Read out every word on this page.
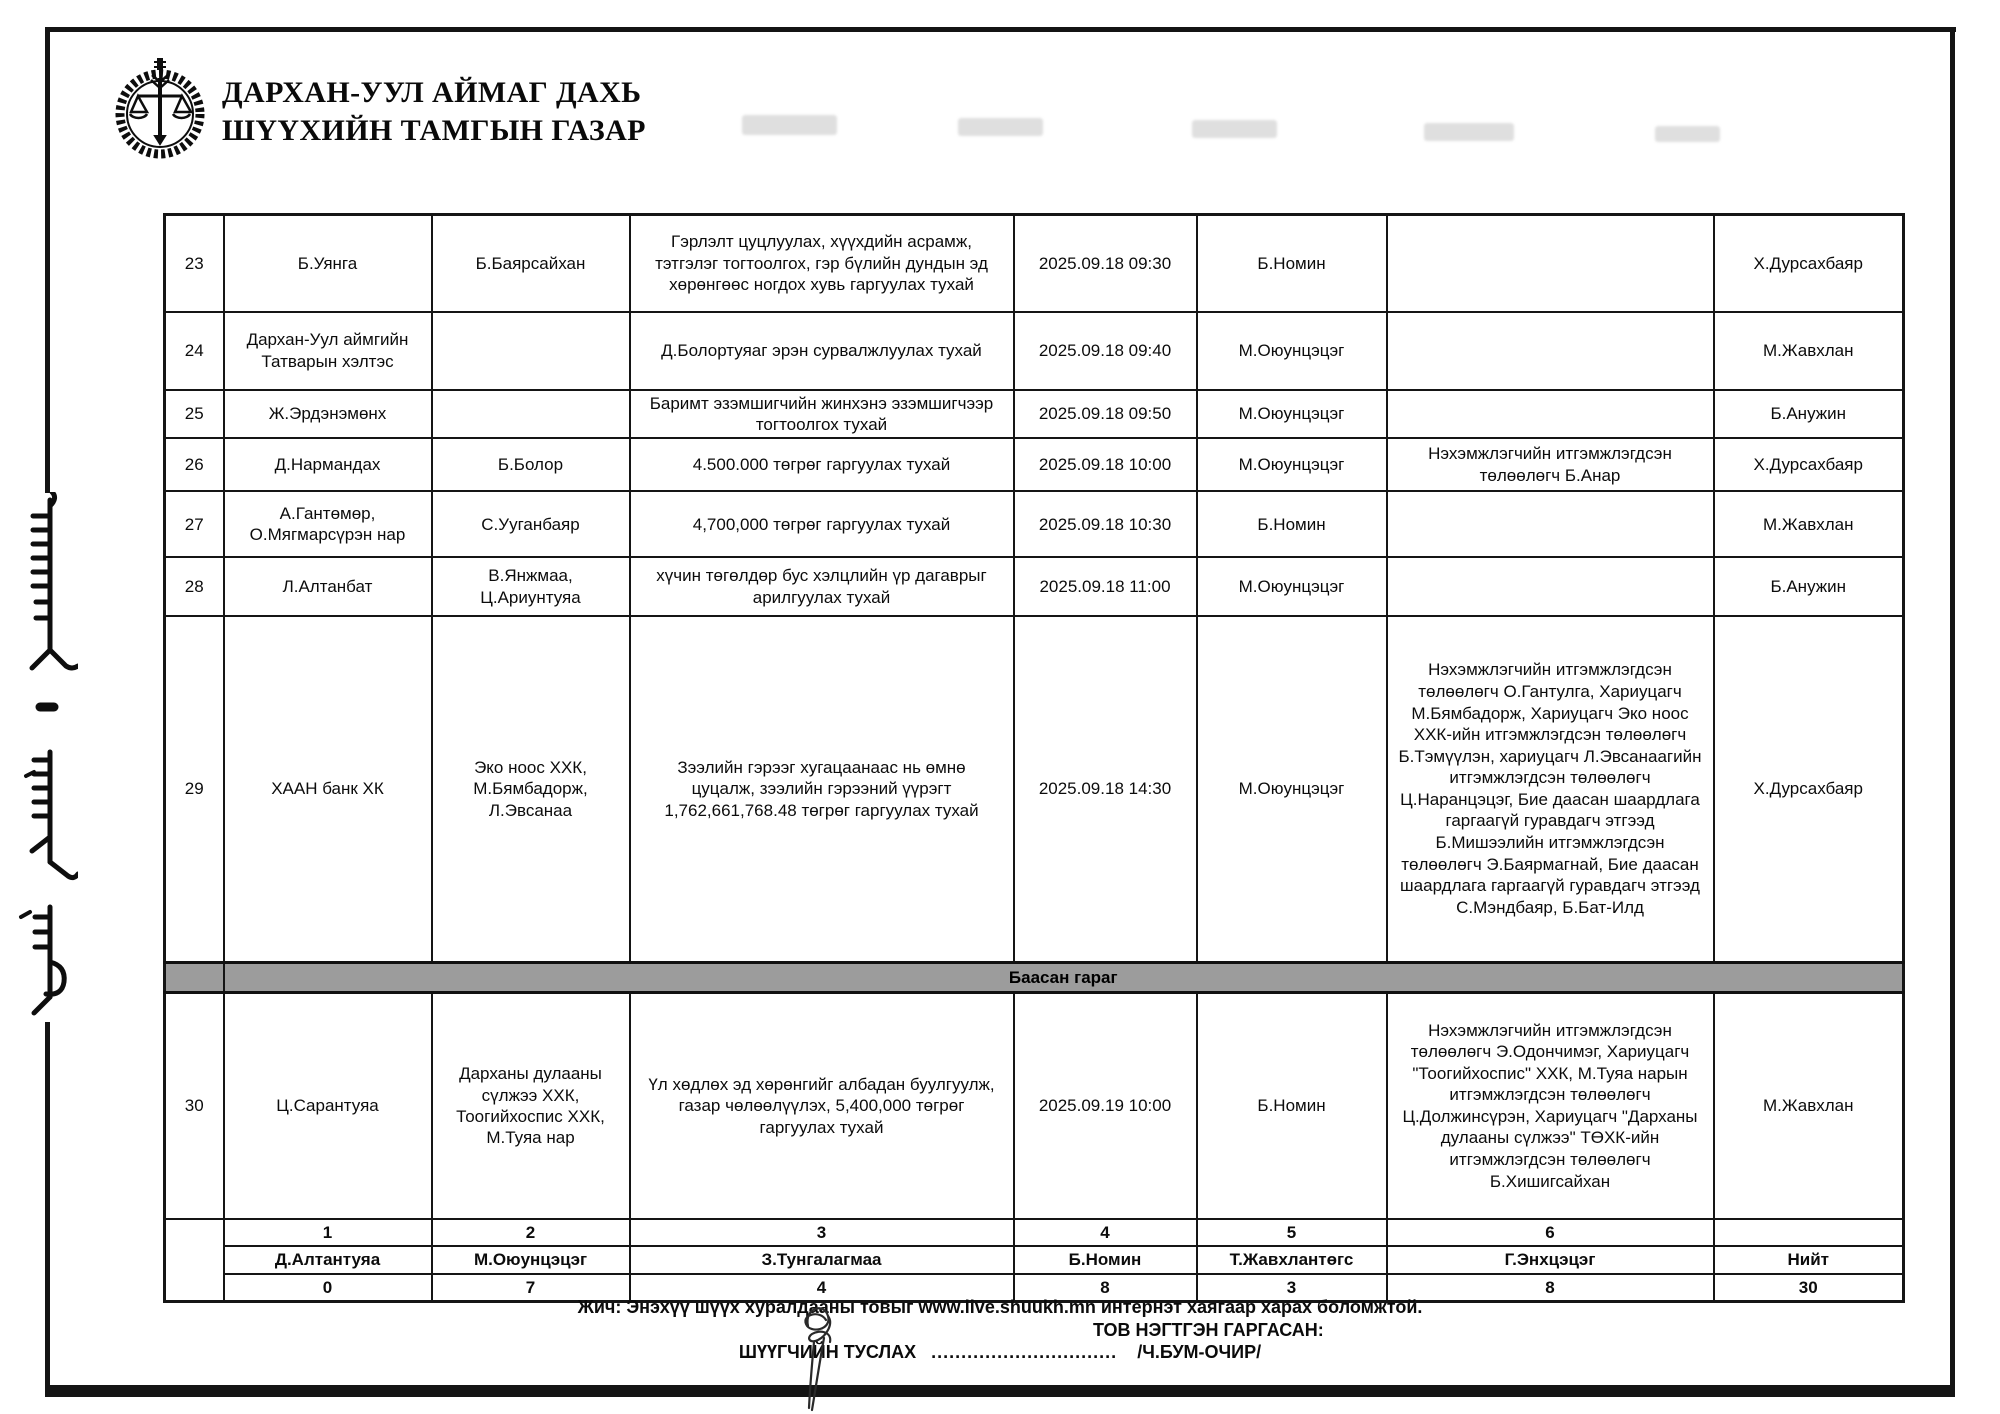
ДАРХАН-УУЛ АЙМАГ ДАХЬ
ШҮҮХИЙН ТАМГЫН ГАЗАР
23	Б.Уянга	Б.Баярсайхан	Гэрлэлт цуцлуулах, хүүхдийн асрамж, тэтгэлэг тогтоолгох, гэр бүлийн дундын эд хөрөнгөөс ногдох хувь гаргуулах тухай	2025.09.18 09:30	Б.Номин		Х.Дурсахбаяр
24	Дархан-Уул аймгийн Татварын хэлтэс		Д.Болортуяаг эрэн сурвалжлуулах тухай	2025.09.18 09:40	М.Оюунцэцэг		М.Жавхлан
25	Ж.Эрдэнэмөнх		Баримт эзэмшигчийн жинхэнэ эзэмшигчээр тогтоолгох тухай	2025.09.18 09:50	М.Оюунцэцэг		Б.Анужин
26	Д.Нармандах	Б.Болор	4.500.000 төгрөг гаргуулах тухай	2025.09.18 10:00	М.Оюунцэцэг	Нэхэмжлэгчийн итгэмжлэгдсэн төлөөлөгч Б.Анар	Х.Дурсахбаяр
27	А.Гантөмөр, О.Мягмарсүрэн нар	С.Ууганбаяр	4,700,000 төгрөг гаргуулах тухай	2025.09.18 10:30	Б.Номин		М.Жавхлан
28	Л.Алтанбат	В.Янжмаа, Ц.Ариунтуяа	хүчин төгөлдөр бус хэлцлийн үр дагаврыг арилгуулах тухай	2025.09.18 11:00	М.Оюунцэцэг		Б.Анужин
29	ХААН банк ХК	Эко ноос ХХК, М.Бямбадорж, Л.Эвсанаа	Зээлийн гэрээг хугацаанаас нь өмнө цуцалж, зээлийн гэрээний үүрэгт 1,762,661,768.48 төгрөг гаргуулах тухай	2025.09.18 14:30	М.Оюунцэцэг	Нэхэмжлэгчийн итгэмжлэгдсэн төлөөлөгч О.Гантулга, Хариуцагч М.Бямбадорж, Хариуцагч Эко ноос ХХК-ийн итгэмжлэгдсэн төлөөлөгч Б.Тэмүүлэн, хариуцагч Л.Эвсанаагийн итгэмжлэгдсэн төлөөлөгч Ц.Наранцэцэг, Бие даасан шаардлага гаргаагүй гуравдагч этгээд Б.Мишээлийн итгэмжлэгдсэн төлөөлөгч Э.Баярмагнай, Бие даасан шаардлага гаргаагүй гуравдагч этгээд С.Мэндбаяр, Б.Бат-Илд	Х.Дурсахбаяр
	Баасан гараг						
30	Ц.Сарантуяа	Дарханы дулааны сүлжээ ХХК, Тоогийхоспис ХХК, М.Туяа нар	Үл хөдлөх эд хөрөнгийг албадан буулгуулж, газар чөлөөлүүлэх, 5,400,000 төгрөг гаргуулах тухай	2025.09.19 10:00	Б.Номин	Нэхэмжлэгчийн итгэмжлэгдсэн төлөөлөгч Э.Одончимэг, Хариуцагч "Тоогийхоспис" ХХК, М.Туяа нарын итгэмжлэгдсэн төлөөлөгч Ц.Должинсүрэн, Хариуцагч "Дарханы дулааны сүлжээ" ТӨХК-ийн итгэмжлэгдсэн төлөөлөгч Б.Хишигсайхан	М.Жавхлан
	1	2	3	4	5	6	
	Д.Алтантуяа	М.Оюунцэцэг	З.Тунгалагмаа	Б.Номин	Т.Жавхлантөгс	Г.Энхцэцэг	Нийт
	0	7	4	8	3	8	30
Жич: Энэхүү шүүх хуралдааны товыг www.live.shuukh.mn интернэт хаягаар харах боломжтой.
ТОВ НЭГТГЭН ГАРГАСАН:
ШҮҮГЧИЙН ТУСЛАХ ............................... /Ч.БУМ-ОЧИР/
